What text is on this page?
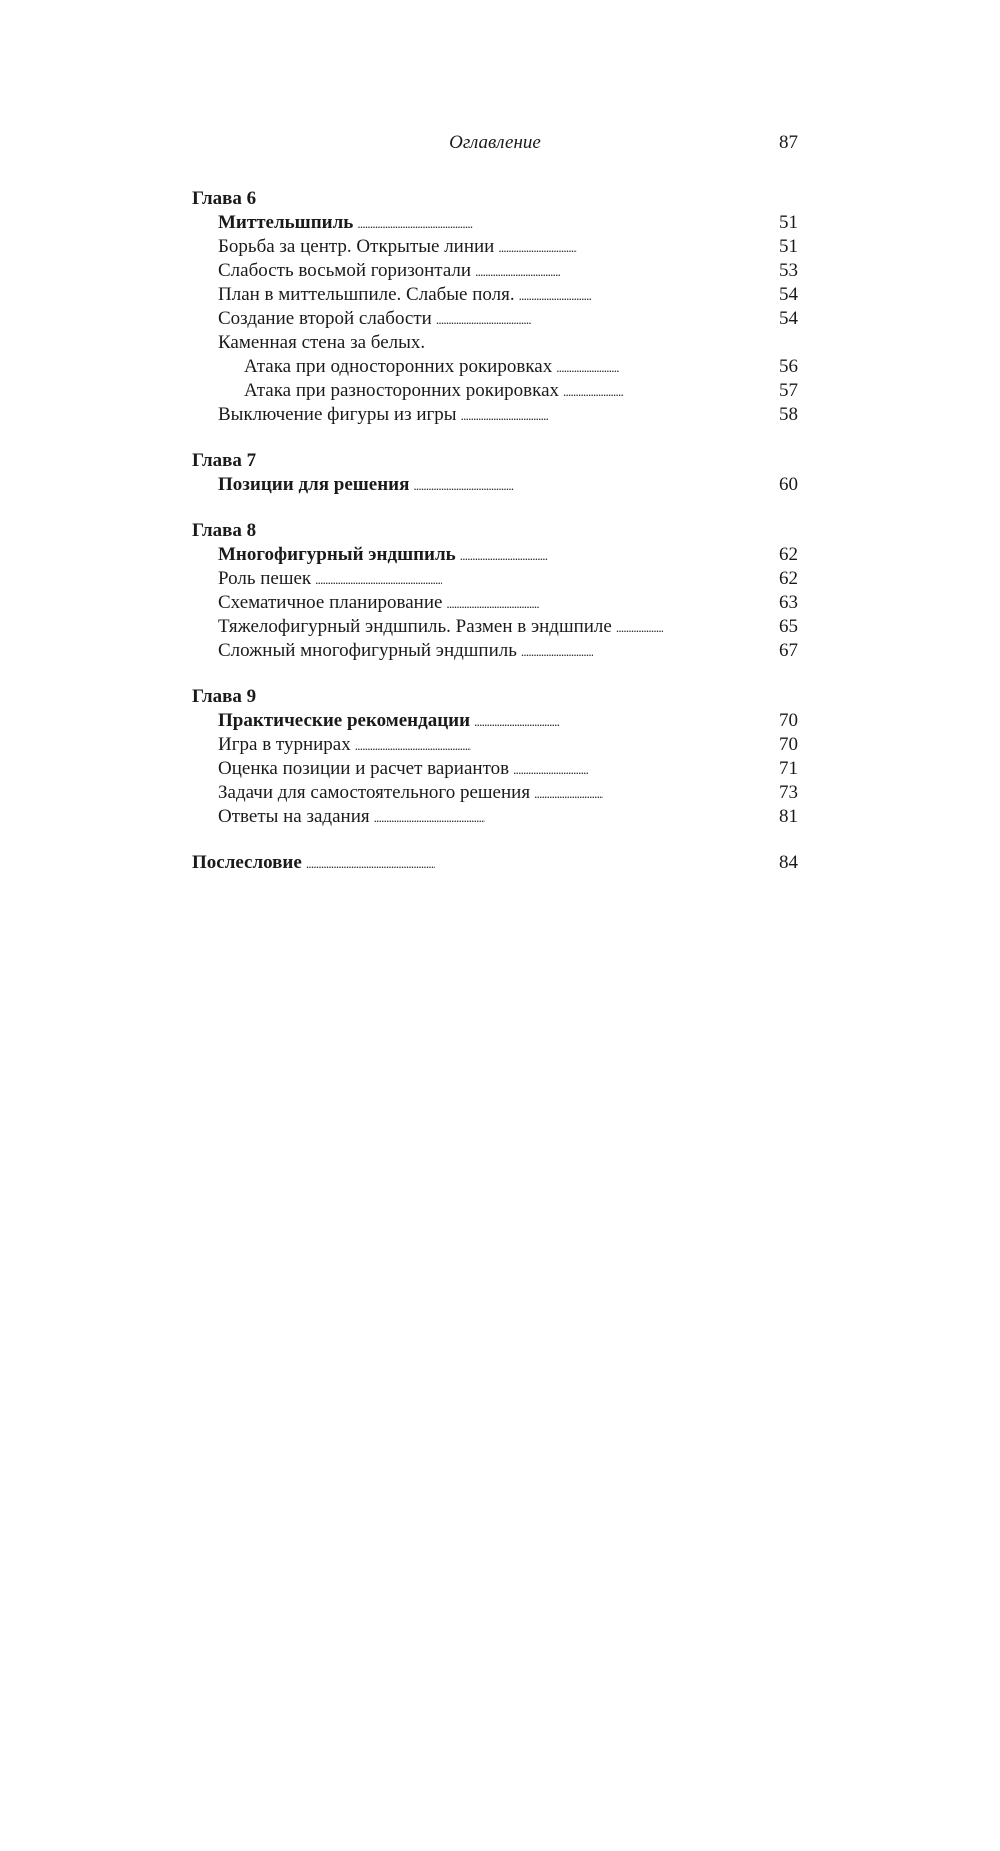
Оглавление	87
Глава 6
Миттельшпиль . . .	51
Борьба за центр. Открытые линии . . .	51
Слабость восьмой горизонтали . . .	53
План в миттельшпиле. Слабые поля. . . .	54
Создание второй слабости . . .	54
Каменная стена за белых.
Атака при односторонних рокировках . . .	56
Атака при разносторонних рокировках . . .	57
Выключение фигуры из игры . . .	58
Глава 7
Позиции для решения . . .	60
Глава 8
Многофигурный эндшпиль . . .	62
Роль пешек . . .	62
Схематичное планирование . . .	63
Тяжелофигурный эндшпиль. Размен в эндшпиле . . .	65
Сложный многофигурный эндшпиль . . .	67
Глава 9
Практические рекомендации . . .	70
Игра в турнирах . . .	70
Оценка позиции и расчет вариантов . . .	71
Задачи для самостоятельного решения . . .	73
Ответы на задания . . .	81
Послесловие . . .	84
